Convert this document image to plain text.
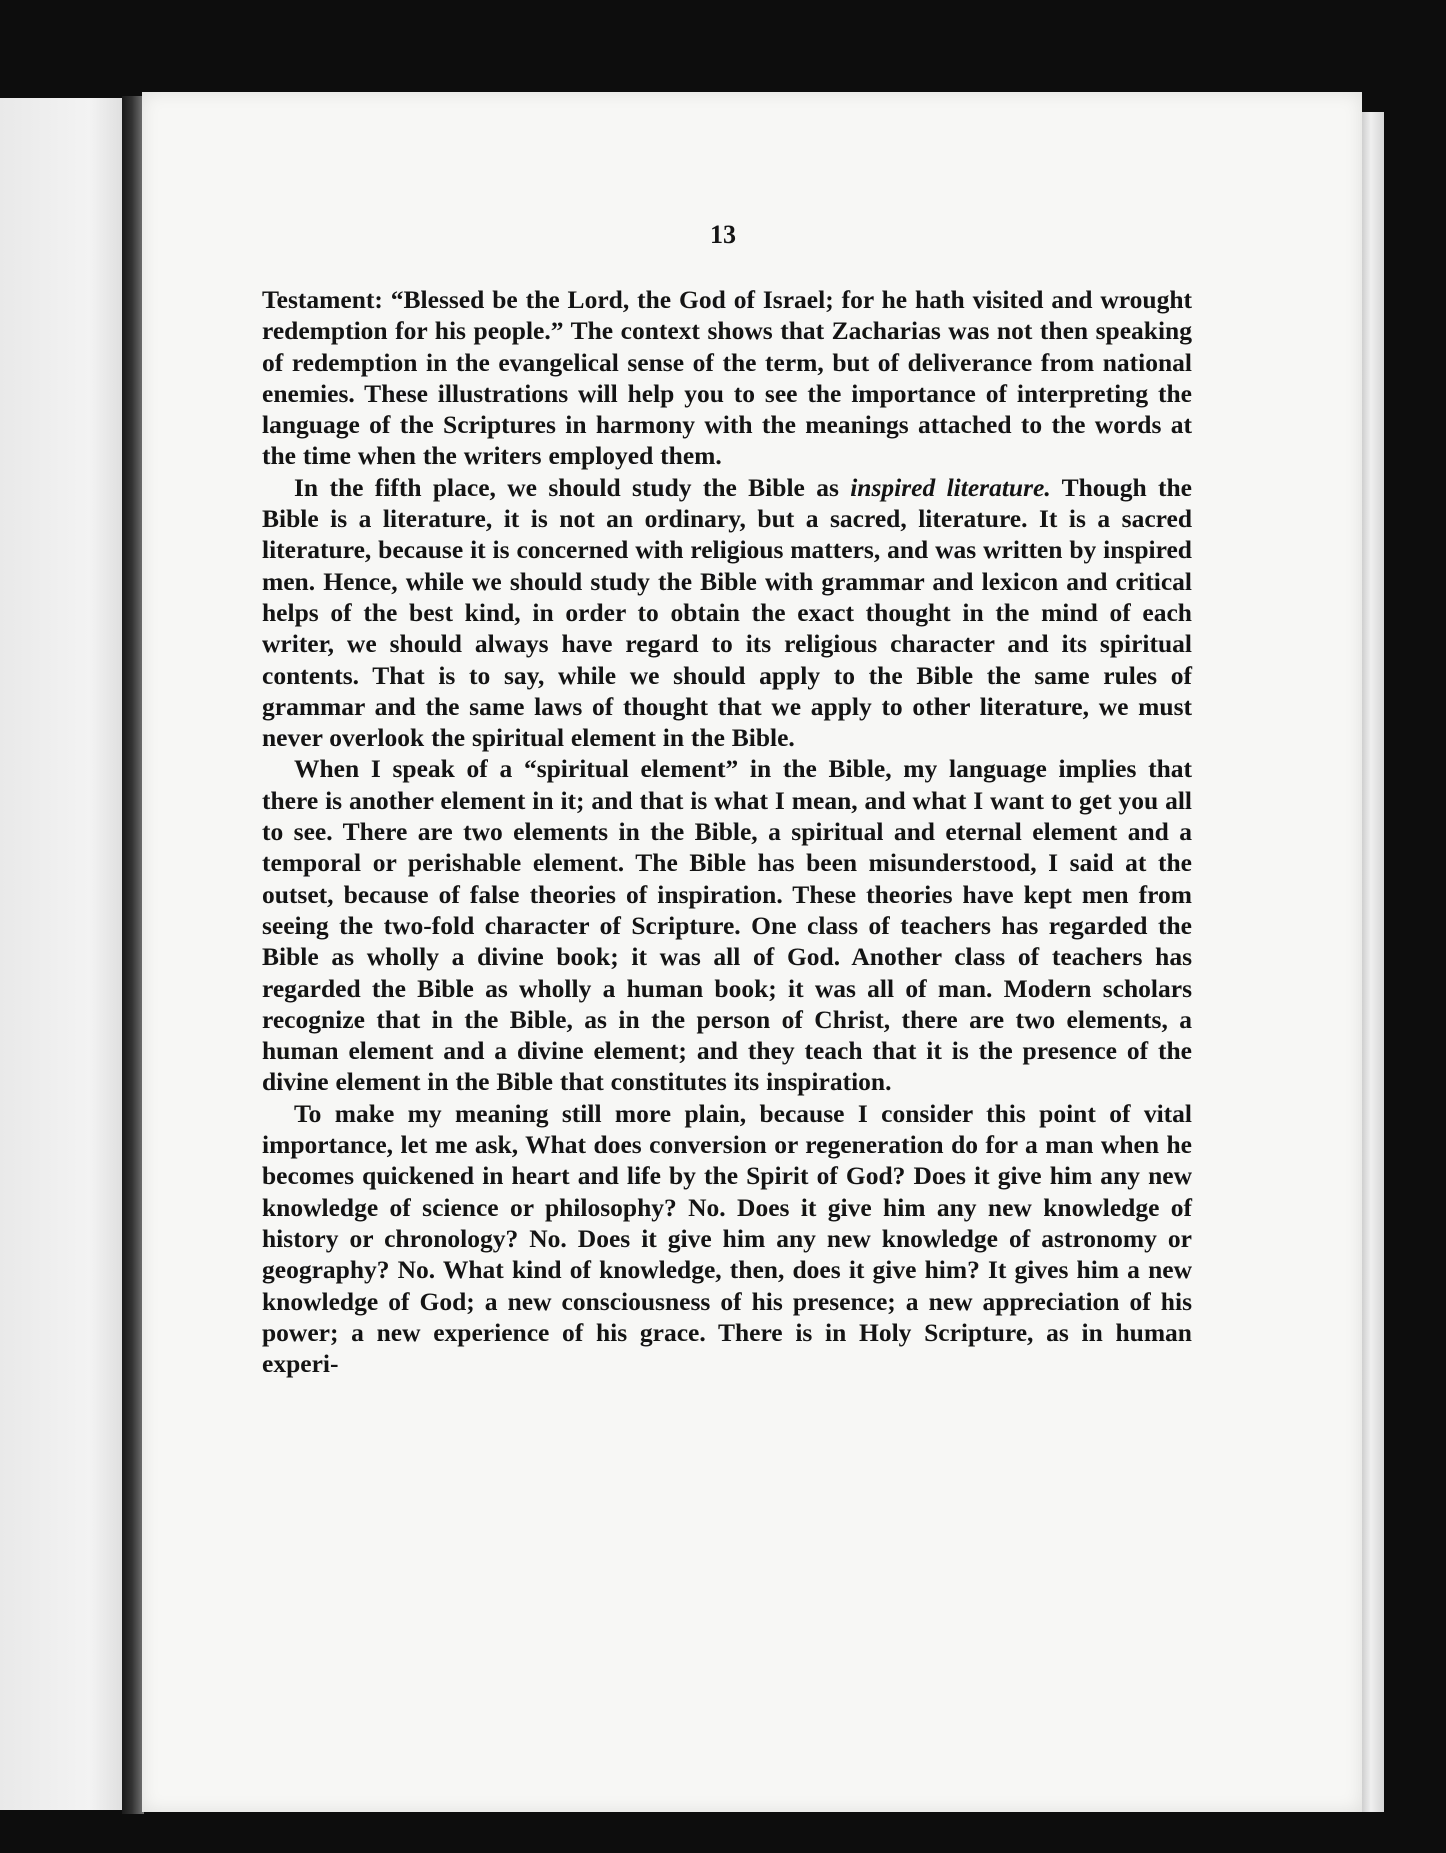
13

Testament: “Blessed be the Lord, the God of Israel; for he hath visited and wrought redemption for his people.” The context shows that Zacharias was not then speaking of redemption in the evangelical sense of the term, but of deliverance from national enemies. These illustrations will help you to see the importance of interpreting the language of the Scriptures in harmony with the meanings attached to the words at the time when the writers employed them.

In the fifth place, we should study the Bible as inspired literature. Though the Bible is a literature, it is not an ordinary, but a sacred, literature. It is a sacred literature, because it is concerned with religious matters, and was written by inspired men. Hence, while we should study the Bible with grammar and lexicon and critical helps of the best kind, in order to obtain the exact thought in the mind of each writer, we should always have regard to its religious character and its spiritual contents. That is to say, while we should apply to the Bible the same rules of grammar and the same laws of thought that we apply to other literature, we must never overlook the spiritual element in the Bible.

When I speak of a “spiritual element” in the Bible, my language implies that there is another element in it; and that is what I mean, and what I want to get you all to see. There are two elements in the Bible, a spiritual and eternal element and a temporal or perishable element. The Bible has been misunderstood, I said at the outset, because of false theories of inspiration. These theories have kept men from seeing the two-fold character of Scripture. One class of teachers has regarded the Bible as wholly a divine book; it was all of God. Another class of teachers has regarded the Bible as wholly a human book; it was all of man. Modern scholars recognize that in the Bible, as in the person of Christ, there are two elements, a human element and a divine element; and they teach that it is the presence of the divine element in the Bible that constitutes its inspiration.

To make my meaning still more plain, because I consider this point of vital importance, let me ask, What does conversion or regeneration do for a man when he becomes quickened in heart and life by the Spirit of God? Does it give him any new knowledge of science or philosophy? No. Does it give him any new knowledge of history or chronology? No. Does it give him any new knowledge of astronomy or geography? No. What kind of knowledge, then, does it give him? It gives him a new knowledge of God; a new consciousness of his presence; a new appreciation of his power; a new experience of his grace. There is in Holy Scripture, as in human experi-
